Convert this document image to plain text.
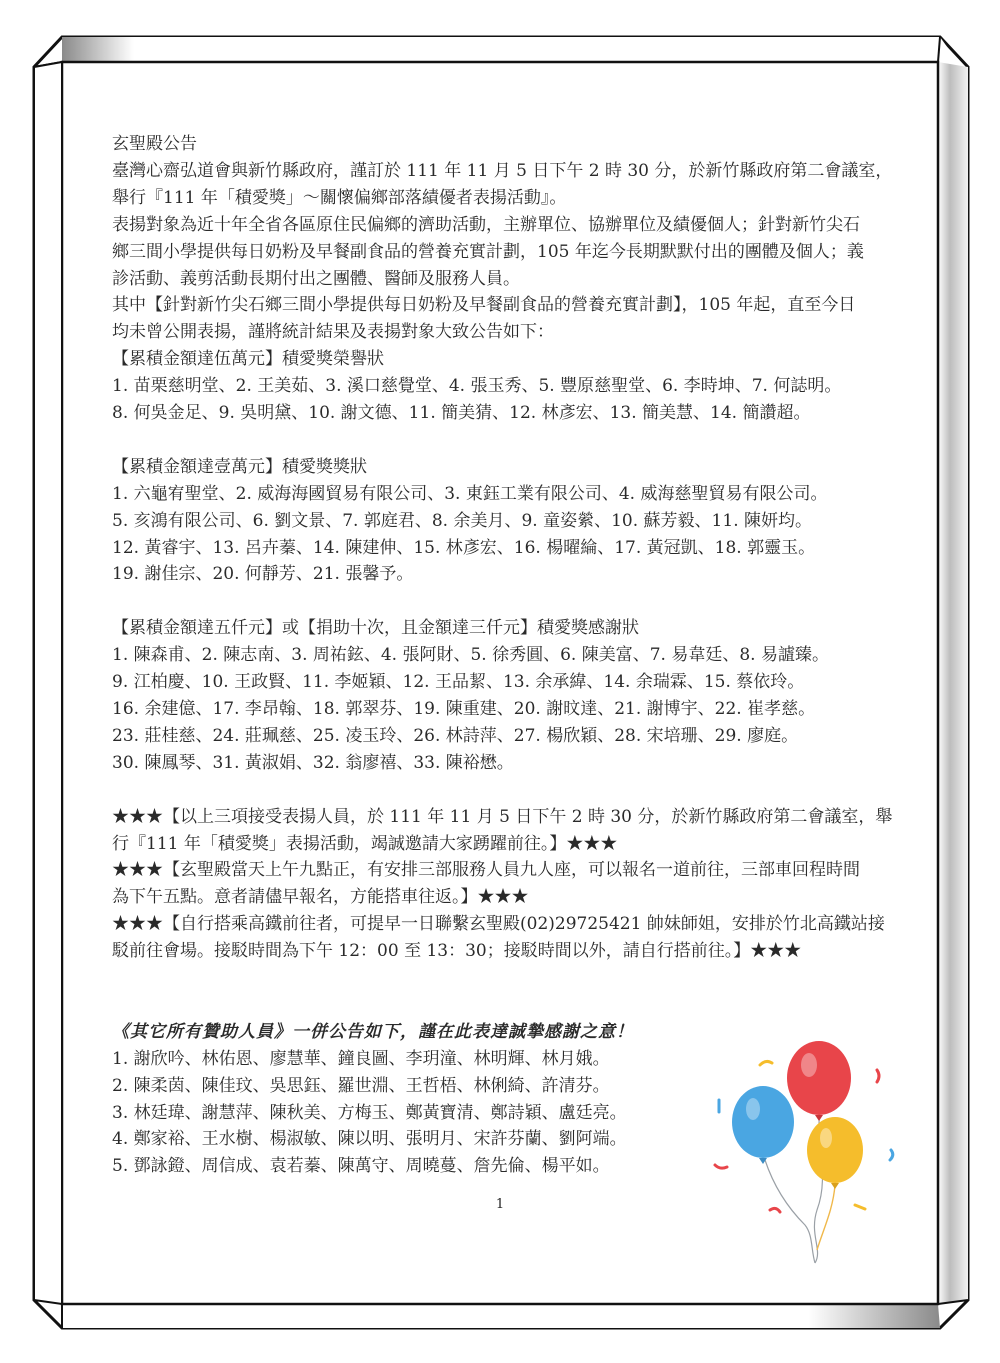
玄聖殿公告
臺灣心齋弘道會與新竹縣政府，謹訂於 111 年 11 月 5 日下午 2 時 30 分，於新竹縣政府第二會議室，
舉行『111 年「積愛獎」～關懷偏鄉部落績優者表揚活動』。
表揚對象為近十年全省各區原住民偏鄉的濟助活動，主辦單位、協辦單位及績優個人；針對新竹尖石
鄉三間小學提供每日奶粉及早餐副食品的營養充實計劃，105 年迄今長期默默付出的團體及個人；義
診活動、義剪活動長期付出之團體、醫師及服務人員。
其中【針對新竹尖石鄉三間小學提供每日奶粉及早餐副食品的營養充實計劃】，105 年起，直至今日
均未曾公開表揚，謹將統計結果及表揚對象大致公告如下：
【累積金額達伍萬元】積愛獎榮譽狀
1. 苗栗慈明堂、2. 王美茹、3. 溪口慈覺堂、4. 張玉秀、5. 豐原慈聖堂、6. 李時坤、7. 何誌明。
8. 何吳金足、9. 吳明黛、10. 謝文德、11. 簡美猜、12. 林彥宏、13. 簡美慧、14. 簡讚超。
【累積金額達壹萬元】積愛獎獎狀
1. 六龜宥聖堂、2. 威海海國貿易有限公司、3. 東鈺工業有限公司、4. 威海慈聖貿易有限公司。
5. 亥鴻有限公司、6. 劉文景、7. 郭庭君、8. 余美月、9. 童姿縈、10. 蘇芳毅、11. 陳妍均。
12. 黃睿宇、13. 呂卉蓁、14. 陳建伸、15. 林彥宏、16. 楊曜綸、17. 黃冠凱、18. 郭靈玉。
19. 謝佳宗、20. 何靜芳、21. 張馨予。
【累積金額達五仟元】或【捐助十次，且金額達三仟元】積愛獎感謝狀
1. 陳森甫、2. 陳志南、3. 周祐鉉、4. 張阿財、5. 徐秀圓、6. 陳美富、7. 易韋廷、8. 易謯臻。
9. 江柏慶、10. 王政賢、11. 李姬穎、12. 王品絜、13. 余承緯、14. 余瑞霖、15. 蔡依玲。
16. 余建億、17. 李昂翰、18. 郭翠芬、19. 陳重建、20. 謝旼達、21. 謝博宇、22. 崔孝慈。
23. 莊桂慈、24. 莊珮慈、25. 凌玉玲、26. 林詩萍、27. 楊欣穎、28. 宋培珊、29. 廖庭。
30. 陳鳳琴、31. 黃淑娟、32. 翁廖禧、33. 陳裕懋。
★★★【以上三項接受表揚人員，於 111 年 11 月 5 日下午 2 時 30 分，於新竹縣政府第二會議室，舉
行『111 年「積愛獎」表揚活動，竭誠邀請大家踴躍前往。】★★★
★★★【玄聖殿當天上午九點正，有安排三部服務人員九人座，可以報名一道前往，三部車回程時間
為下午五點。意者請儘早報名，方能搭車往返。】★★★
★★★【自行搭乘高鐵前往者，可提早一日聯繫玄聖殿(02)29725421 帥妹師姐，安排於竹北高鐵站接
駁前往會場。接駁時間為下午 12：00 至 13：30；接駁時間以外，請自行搭前往。】★★★
《其它所有贊助人員》一併公告如下，謹在此表達誠摯感謝之意！
1. 謝欣吟、林佑恩、廖慧華、鐘良圖、李玥潼、林明輝、林月娥。
2. 陳柔茵、陳佳玟、吳思鈺、羅世淵、王哲梧、林俐綺、許清芬。
3. 林廷瑋、謝慧萍、陳秋美、方梅玉、鄭黃寶清、鄭詩穎、盧廷亮。
4. 鄭家裕、王水樹、楊淑敏、陳以明、張明月、宋許芬蘭、劉阿端。
5. 鄧詠鐙、周信成、袁若蓁、陳萬守、周曉蔓、詹先倫、楊平如。
1
